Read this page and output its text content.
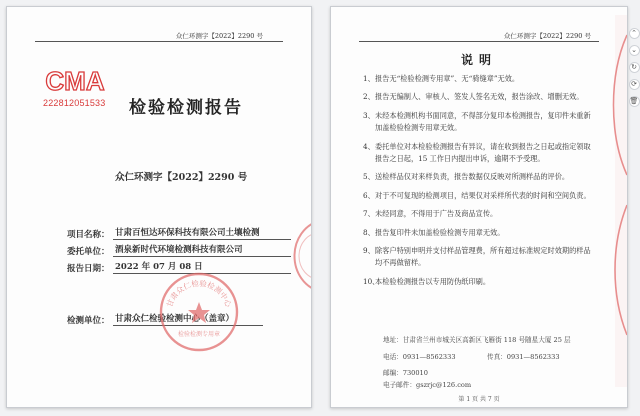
众仁环测字【2022】2290 号
CMA
222812051533 检验检测报告
众仁环测字【2022】2290 号
项目名称： 甘肃百恒达环保科技有限公司土壤检测
委托单位： 酒泉新时代环境检测科技有限公司
报告日期： 2022 年 07 月 08 日
检测单位： 甘肃众仁检验检测中心（盖章）
甘肃众仁检验检测中心
检验检测专用章
众仁环测字【2022】2290 号
说明
1、 报告无“检验检测专用章”、无“骑缝章”无效。
2、 报告无编制人、审核人、签发人签名无效，报告涂改、增删无效。
3、 未经本检测机构书面同意，不得部分复印本检测报告，复印件未重新加盖检验检测专用章无效。
4、 委托单位对本检验检测报告有异议，请在收到报告之日起或指定领取报告之日起，15 工作日内提出申诉，逾期不予受理。
5、 送检样品仅对来样负责，报告数据仅反映对所测样品的评价。
6、 对于不可复现的检测项目，结果仅对采样所代表的时间和空间负责。
7、 未经同意，不得用于广告及商品宣传。
8、 报告复印件未加盖检验检测专用章无效。
9、 除客户特别申明并支付样品管理费，所有超过标准规定时效期的样品均不再做留样。
10、
本检验检测报告以专用防伪纸印刷。
地址：甘肃省兰州市城关区高新区飞雁街 118 号随星大厦 25 层
电话：0931—8562333	传真：0931—8562333
邮编：730010
电子邮件：gszrjc@126.com
第 1 页 共 7 页
⌃
⌄
↻
⟳
🗑
